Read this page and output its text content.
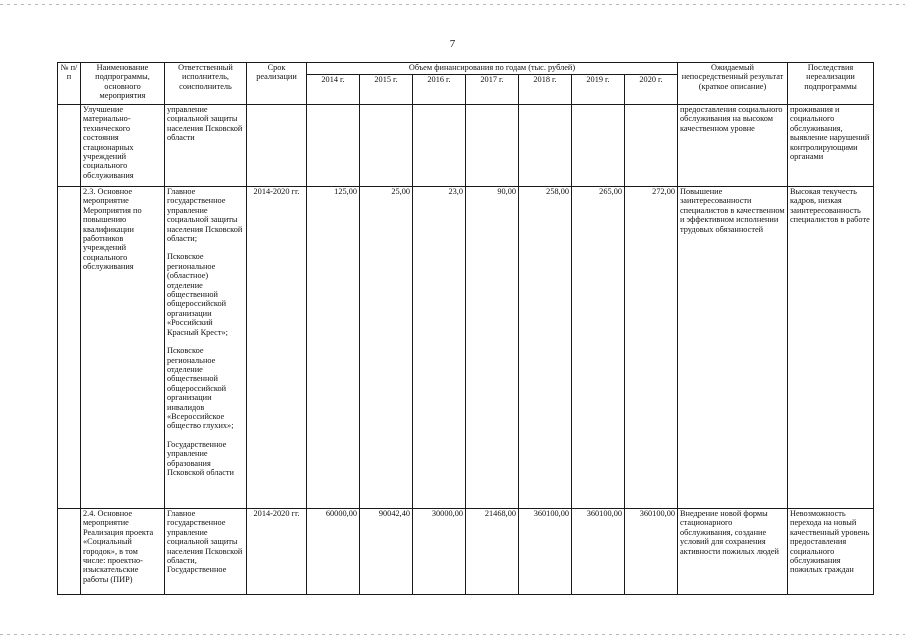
7
№ п/п	Наименование подпрограммы, основного мероприятия	Ответственный исполнитель, соисполнитель	Срок реализации	Объем финансирования по годам (тыс. рублей)							Ожидаемый непосредственный результат (краткое описание)	Последствия нереализации подпрограммы
				2014 г.	2015 г.	2016 г.	2017 г.	2018 г.	2019 г.	2020 г.		
	Улучшение материально-технического состояния стационарных учреждений социального обслуживания	управление социальной защиты населения Псковской области									предоставления социального обслуживания на высоком качественном уровне	проживания и социального обслуживания, выявление нарушений контролирующими органами
	2.3. Основное мероприятие Мероприятия по повышению квалификации работников учреждений социального обслуживания	Главное государственное управление социальной защиты населения Псковской области;
Псковское региональное (областное) отделение общественной общероссийской организации «Российский Красный Крест»;
Псковское региональное отделение общественной общероссийской организации инвалидов «Всероссийское общество глухих»;
Государственное управление образования Псковской области	2014-2020 гг.	125,00	25,00	23,0	90,00	258,00	265,00	272,00	Повышение заинтересованности специалистов в качественном и эффективном исполнении трудовых обязанностей	Высокая текучесть кадров, низкая заинтересованность специалистов в работе
	2.4. Основное мероприятие Реализация проекта «Социальный городок», в том числе: проектно-изыскательские работы (ПИР)	Главное государственное управление социальной защиты населения Псковской области, Государственное	2014-2020 гг.	60000,00	90042,40	30000,00	21468,00	360100,00	360100,00	360100,00	Внедрение новой формы стационарного обслуживания, создание условий для сохранения активности пожилых людей	Невозможность перехода на новый качественный уровень предоставления социального обслуживания пожилых граждан
